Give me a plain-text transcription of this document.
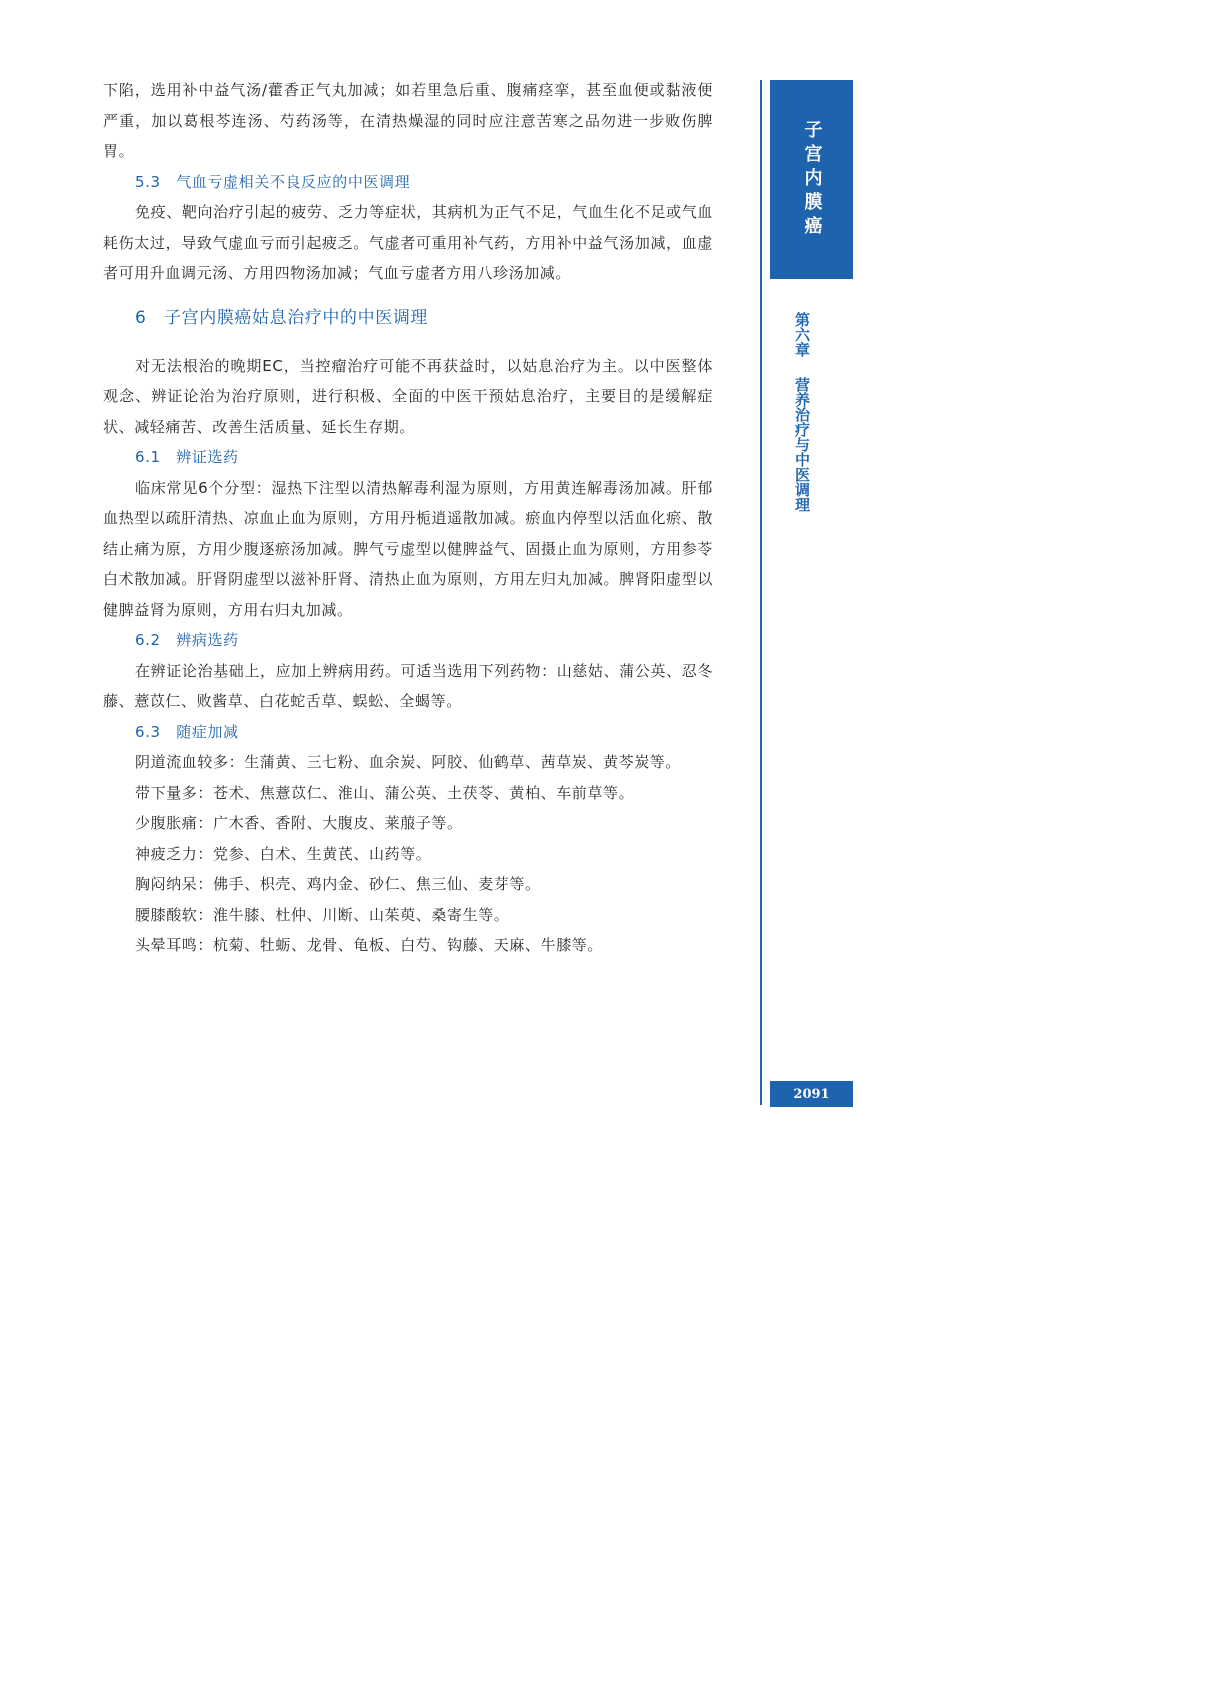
下陷，选用补中益气汤/藿香正气丸加减；如若里急后重、腹痛痉挛，甚至血便或黏液便严重，加以葛根芩连汤、芍药汤等，在清热燥湿的同时应注意苦寒之品勿进一步败伤脾胃。

5.3　气血亏虚相关不良反应的中医调理

免疫、靶向治疗引起的疲劳、乏力等症状，其病机为正气不足，气血生化不足或气血耗伤太过，导致气虚血亏而引起疲乏。气虚者可重用补气药，方用补中益气汤加减，血虚者可用升血调元汤、方用四物汤加减；气血亏虚者方用八珍汤加减。

6　子宫内膜癌姑息治疗中的中医调理

对无法根治的晚期EC，当控瘤治疗可能不再获益时，以姑息治疗为主。以中医整体观念、辨证论治为治疗原则，进行积极、全面的中医干预姑息治疗，主要目的是缓解症状、减轻痛苦、改善生活质量、延长生存期。

6.1　辨证选药

临床常见6个分型：湿热下注型以清热解毒利湿为原则，方用黄连解毒汤加减。肝郁血热型以疏肝清热、凉血止血为原则，方用丹栀逍遥散加减。瘀血内停型以活血化瘀、散结止痛为原，方用少腹逐瘀汤加减。脾气亏虚型以健脾益气、固摄止血为原则，方用参苓白术散加减。肝肾阴虚型以滋补肝肾、清热止血为原则，方用左归丸加减。脾肾阳虚型以健脾益肾为原则，方用右归丸加减。

6.2　辨病选药

在辨证论治基础上，应加上辨病用药。可适当选用下列药物：山慈姑、蒲公英、忍冬藤、薏苡仁、败酱草、白花蛇舌草、蜈蚣、全蝎等。

6.3　随症加减

阴道流血较多：生蒲黄、三七粉、血余炭、阿胶、仙鹤草、茜草炭、黄芩炭等。

带下量多：苍术、焦薏苡仁、淮山、蒲公英、土茯苓、黄柏、车前草等。

少腹胀痛：广木香、香附、大腹皮、莱菔子等。

神疲乏力：党参、白术、生黄芪、山药等。

胸闷纳呆：佛手、枳壳、鸡内金、砂仁、焦三仙、麦芽等。

腰膝酸软：淮牛膝、杜仲、川断、山茱萸、桑寄生等。

头晕耳鸣：杭菊、牡蛎、龙骨、龟板、白芍、钩藤、天麻、牛膝等。

子宫内膜癌
第六章营养治疗与中医调理
2091
